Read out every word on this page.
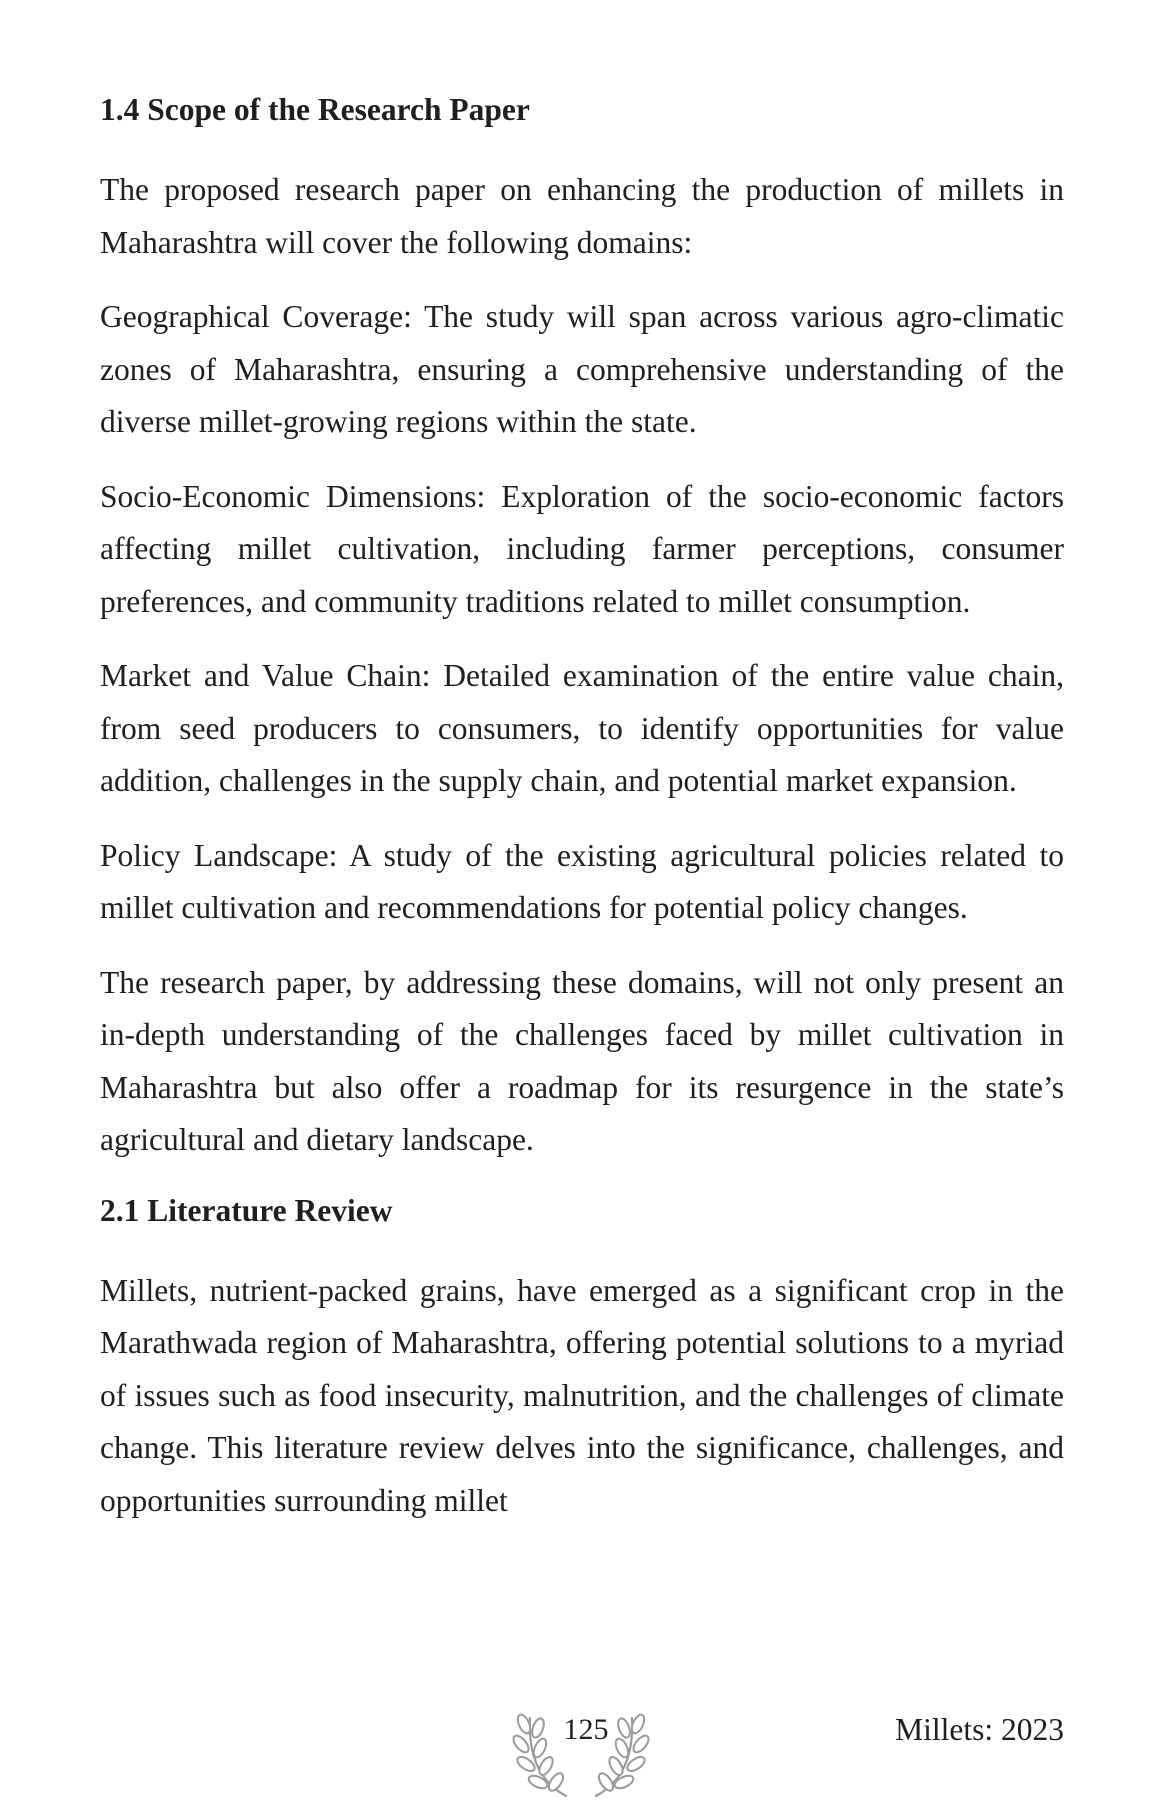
1.4 Scope of the Research Paper

The proposed research paper on enhancing the production of millets in Maharashtra will cover the following domains:

Geographical Coverage: The study will span across various agro-climatic zones of Maharashtra, ensuring a comprehensive understanding of the diverse millet-growing regions within the state.

Socio-Economic Dimensions: Exploration of the socio-economic factors affecting millet cultivation, including farmer perceptions, consumer preferences, and community traditions related to millet consumption.

Market and Value Chain: Detailed examination of the entire value chain, from seed producers to consumers, to identify opportunities for value addition, challenges in the supply chain, and potential market expansion.

Policy Landscape: A study of the existing agricultural policies related to millet cultivation and recommendations for potential policy changes.

The research paper, by addressing these domains, will not only present an in-depth understanding of the challenges faced by millet cultivation in Maharashtra but also offer a roadmap for its resurgence in the state’s agricultural and dietary landscape.

2.1 Literature Review

Millets, nutrient-packed grains, have emerged as a significant crop in the Marathwada region of Maharashtra, offering potential solutions to a myriad of issues such as food insecurity, malnutrition, and the challenges of climate change. This literature review delves into the significance, challenges, and opportunities surrounding millet

125	Millets: 2023
